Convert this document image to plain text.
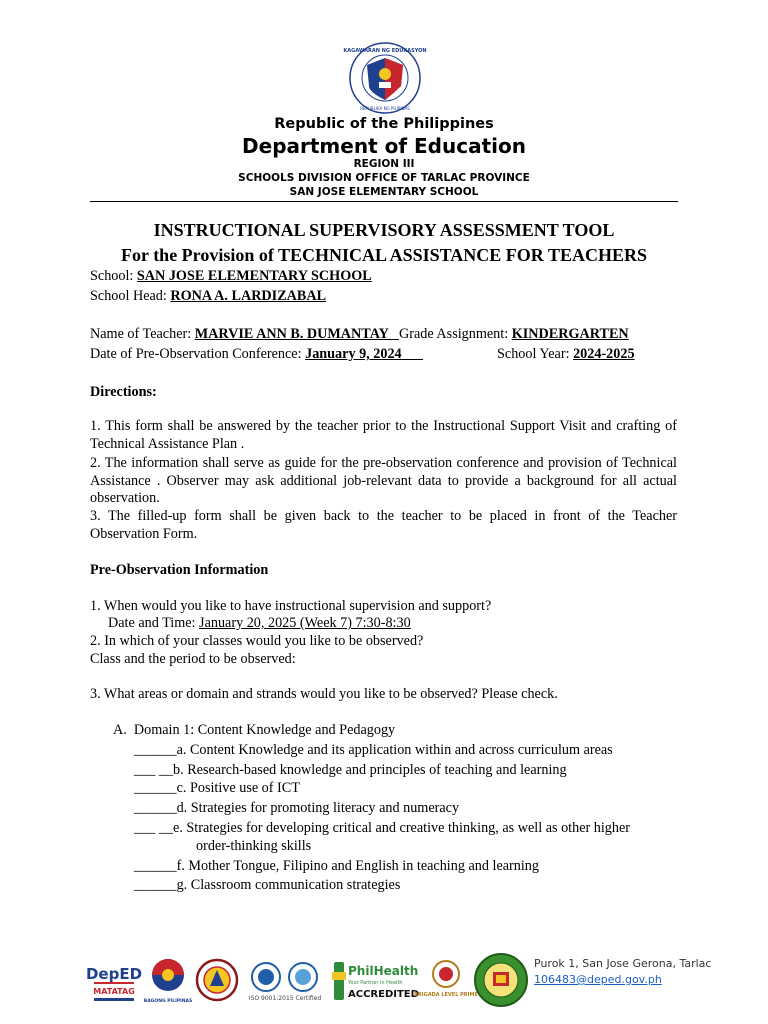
KAGAWARAN NG EDUKASYON
REPUBLIKA NG PILIPINAS
Republic of the Philippines
Department of Education
REGION III
SCHOOLS DIVISION OFFICE OF TARLAC PROVINCE
SAN JOSE ELEMENTARY SCHOOL
INSTRUCTIONAL SUPERVISORY ASSESSMENT TOOL
For the Provision of TECHNICAL ASSISTANCE FOR TEACHERS
School: SAN JOSE ELEMENTARY SCHOOL
School Head: RONA A. LARDIZABAL
Name of Teacher: MARVIE ANN B. DUMANTAY   Grade Assignment: KINDERGARTEN
Date of Pre-Observation Conference: January 9, 2024	School Year: 2024-2025
Directions:
1. This form shall be answered by the teacher prior to the Instructional Support Visit and crafting of Technical Assistance Plan .
2. The information shall serve as guide for the pre-observation conference and provision of Technical Assistance . Observer may ask additional job-relevant data to provide a background for all actual observation.
3. The filled-up form shall be given back to the teacher to be placed in front of the Teacher Observation Form.
Pre-Observation Information
1. When would you like to have instructional supervision and support?
Date and Time: January 20, 2025 (Week 7) 7:30-8:30
2. In which of your classes would you like to be observed?
Class and the period to be observed:
3. What areas or domain and strands would you like to be observed? Please check.
A.  Domain 1: Content Knowledge and Pedagogy
______a. Content Knowledge and its application within and across curriculum areas
___ __b. Research-based knowledge and principles of teaching and learning
______c. Positive use of ICT
______d. Strategies for promoting literacy and numeracy
___ __e. Strategies for developing critical and creative thinking, as well as other higher
order-thinking skills
______f. Mother Tongue, Filipino and English in teaching and learning
______g. Classroom communication strategies
DepED
MATATAG
BAGONG PILIPINAS	ISO 9001:2015 Certified
PhilHealth
Your Partner in Health
ACCREDITED
BRIGADA LEVEL PRIME
Purok 1, San Jose Gerona, Tarlac
106483@deped.gov.ph
